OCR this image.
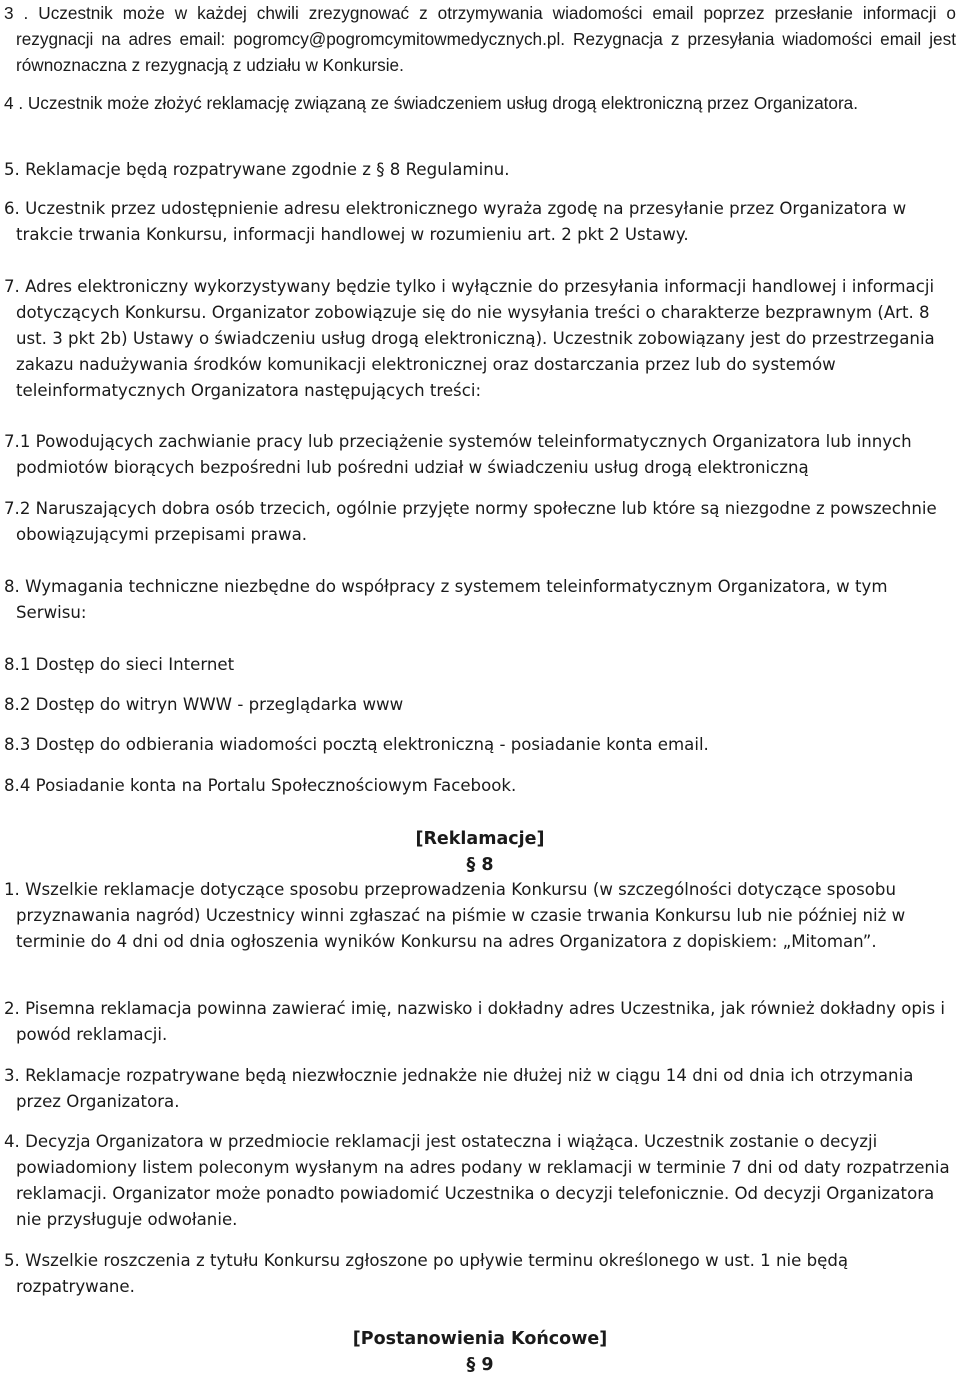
3 . Uczestnik może w każdej chwili zrezygnować z otrzymywania wiadomości email poprzez przesłanie informacji o rezygnacji na adres email: pogromcy@pogromcymitowmedycznych.pl. Rezygnacja z przesyłania wiadomości email jest równoznaczna z rezygnacją z udziału w Konkursie.

4 . Uczestnik może złożyć reklamację związaną ze świadczeniem usług drogą elektroniczną przez Organizatora.

5. Reklamacje będą rozpatrywane zgodnie z § 8 Regulaminu.

6. Uczestnik przez udostępnienie adresu elektronicznego wyraża zgodę na przesyłanie przez Organizatora w trakcie trwania Konkursu, informacji handlowej w rozumieniu art. 2 pkt 2 Ustawy.

7. Adres elektroniczny wykorzystywany będzie tylko i wyłącznie do przesyłania informacji handlowej i informacji dotyczących Konkursu. Organizator zobowiązuje się do nie wysyłania treści o charakterze bezprawnym (Art. 8 ust. 3 pkt 2b) Ustawy o świadczeniu usług drogą elektroniczną). Uczestnik zobowiązany jest do przestrzegania zakazu nadużywania środków komunikacji elektronicznej oraz dostarczania przez lub do systemów teleinformatycznych Organizatora następujących treści:

7.1 Powodujących zachwianie pracy lub przeciążenie systemów teleinformatycznych Organizatora lub innych podmiotów biorących bezpośredni lub pośredni udział w świadczeniu usług drogą elektroniczną

7.2 Naruszających dobra osób trzecich, ogólnie przyjęte normy społeczne lub które są niezgodne z powszechnie obowiązującymi przepisami prawa.

8. Wymagania techniczne niezbędne do współpracy z systemem teleinformatycznym Organizatora, w tym Serwisu:

8.1 Dostęp do sieci Internet

8.2 Dostęp do witryn WWW - przeglądarka www

8.3 Dostęp do odbierania wiadomości pocztą elektroniczną - posiadanie konta email.

8.4 Posiadanie konta na Portalu Społecznościowym Facebook.

[Reklamacje]
§ 8

1. Wszelkie reklamacje dotyczące sposobu przeprowadzenia Konkursu (w szczególności dotyczące sposobu przyznawania nagród) Uczestnicy winni zgłaszać na piśmie w czasie trwania Konkursu lub nie później niż w terminie do 4 dni od dnia ogłoszenia wyników Konkursu na adres Organizatora z dopiskiem: „Mitoman”.

2. Pisemna reklamacja powinna zawierać imię, nazwisko i dokładny adres Uczestnika, jak również dokładny opis i powód reklamacji.

3. Reklamacje rozpatrywane będą niezwłocznie jednakże nie dłużej niż w ciągu 14 dni od dnia ich otrzymania przez Organizatora.

4. Decyzja Organizatora w przedmiocie reklamacji jest ostateczna i wiążąca. Uczestnik zostanie o decyzji powiadomiony listem poleconym wysłanym na adres podany w reklamacji w terminie 7 dni od daty rozpatrzenia reklamacji. Organizator może ponadto powiadomić Uczestnika o decyzji telefonicznie. Od decyzji Organizatora nie przysługuje odwołanie.

5. Wszelkie roszczenia z tytułu Konkursu zgłoszone po upływie terminu określonego w ust. 1 nie będą rozpatrywane.

[Postanowienia Końcowe]
§ 9
